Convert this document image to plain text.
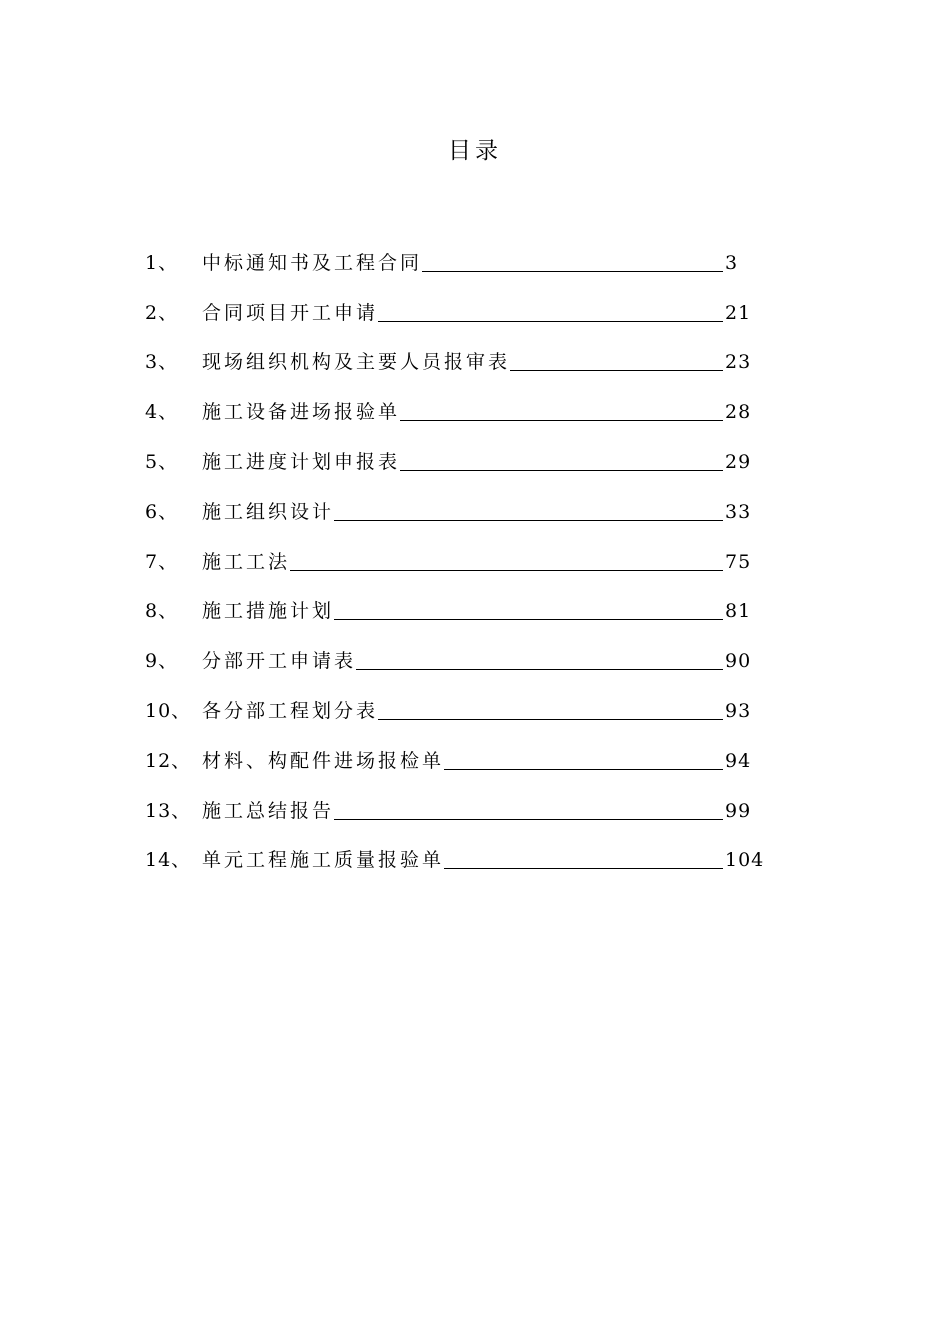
目录
1、	中标通知书及工程合同	3
2、	合同项目开工申请	21
3、	现场组织机构及主要人员报审表	23
4、	施工设备进场报验单	28
5、	施工进度计划申报表	29
6、	施工组织设计	33
7、	施工工法	75
8、	施工措施计划	81
9、	分部开工申请表	90
10、 各分部工程划分表	93
12、 材料、构配件进场报检单	94
13、 施工总结报告	99
14、 单元工程施工质量报验单	104
